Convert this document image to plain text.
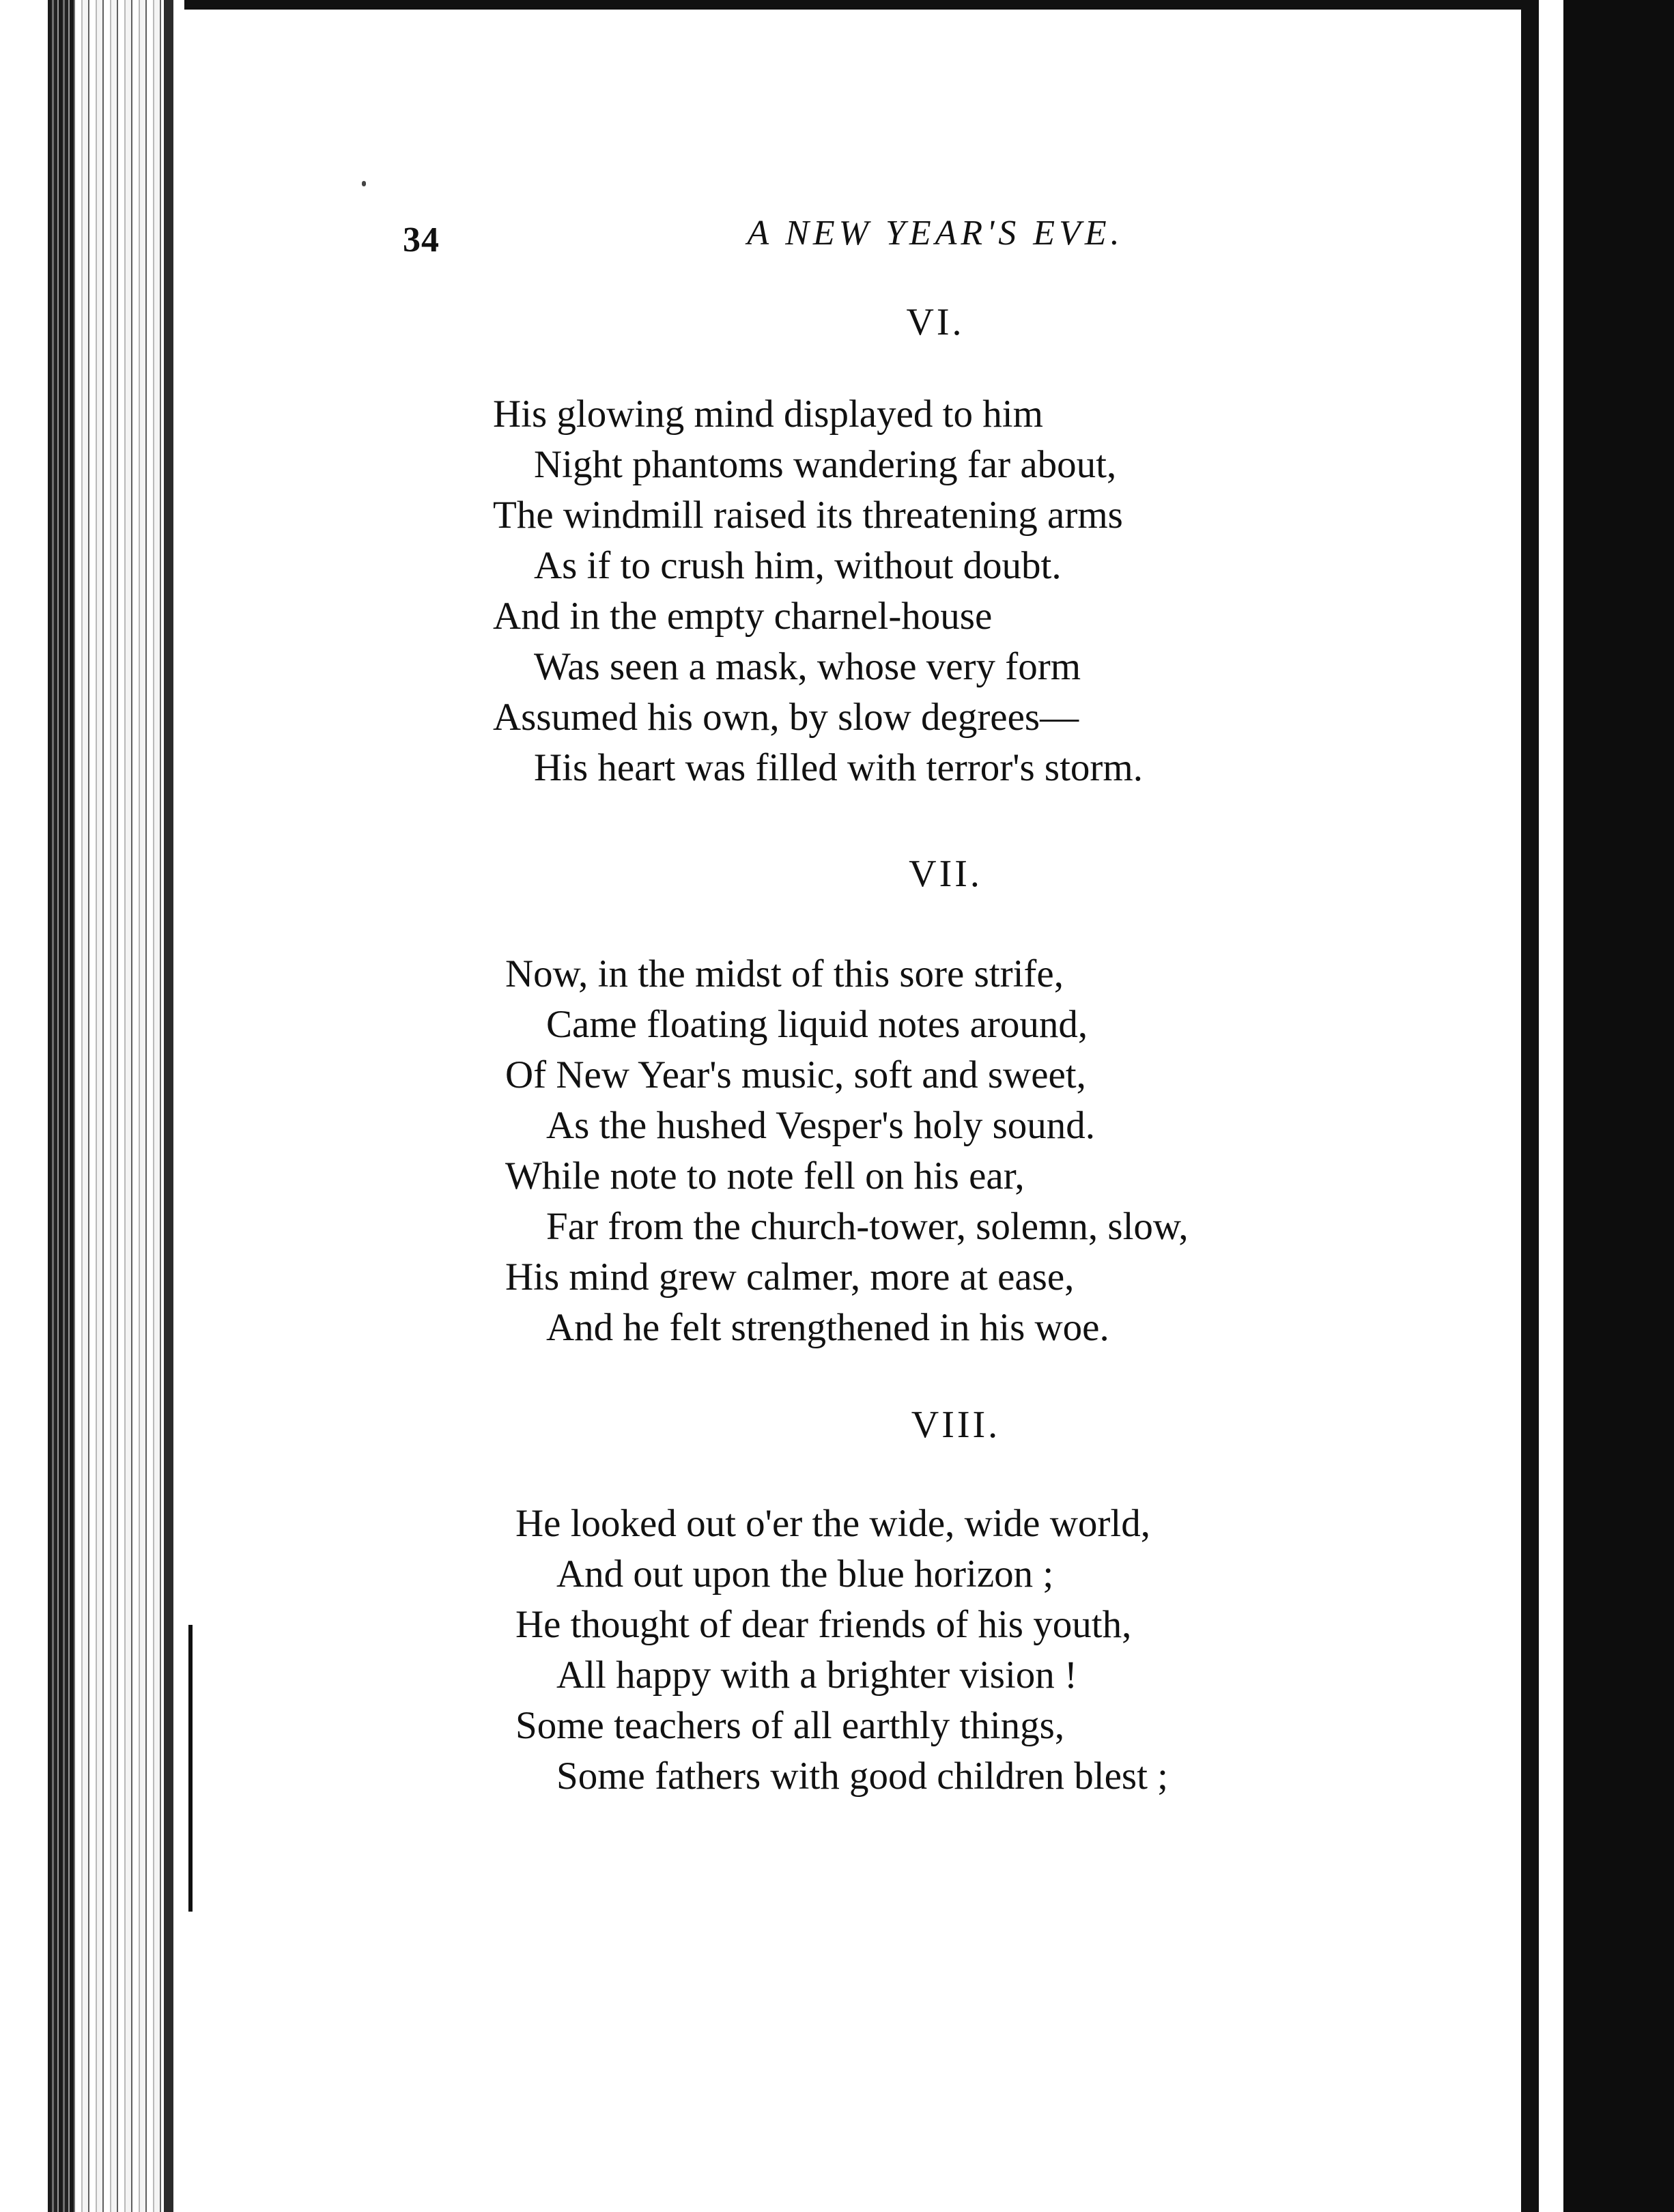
34	A NEW YEAR'S EVE.
VI.
His glowing mind displayed to him
Night phantoms wandering far about,
The windmill raised its threatening arms
As if to crush him, without doubt.
And in the empty charnel-house
Was seen a mask, whose very form
Assumed his own, by slow degrees—
His heart was filled with terror's storm.
VII.
Now, in the midst of this sore strife,
Came floating liquid notes around,
Of New Year's music, soft and sweet,
As the hushed Vesper's holy sound.
While note to note fell on his ear,
Far from the church-tower, solemn, slow,
His mind grew calmer, more at ease,
And he felt strengthened in his woe.
VIII.
He looked out o'er the wide, wide world,
And out upon the blue horizon ;
He thought of dear friends of his youth,
All happy with a brighter vision !
Some teachers of all earthly things,
Some fathers with good children blest ;
